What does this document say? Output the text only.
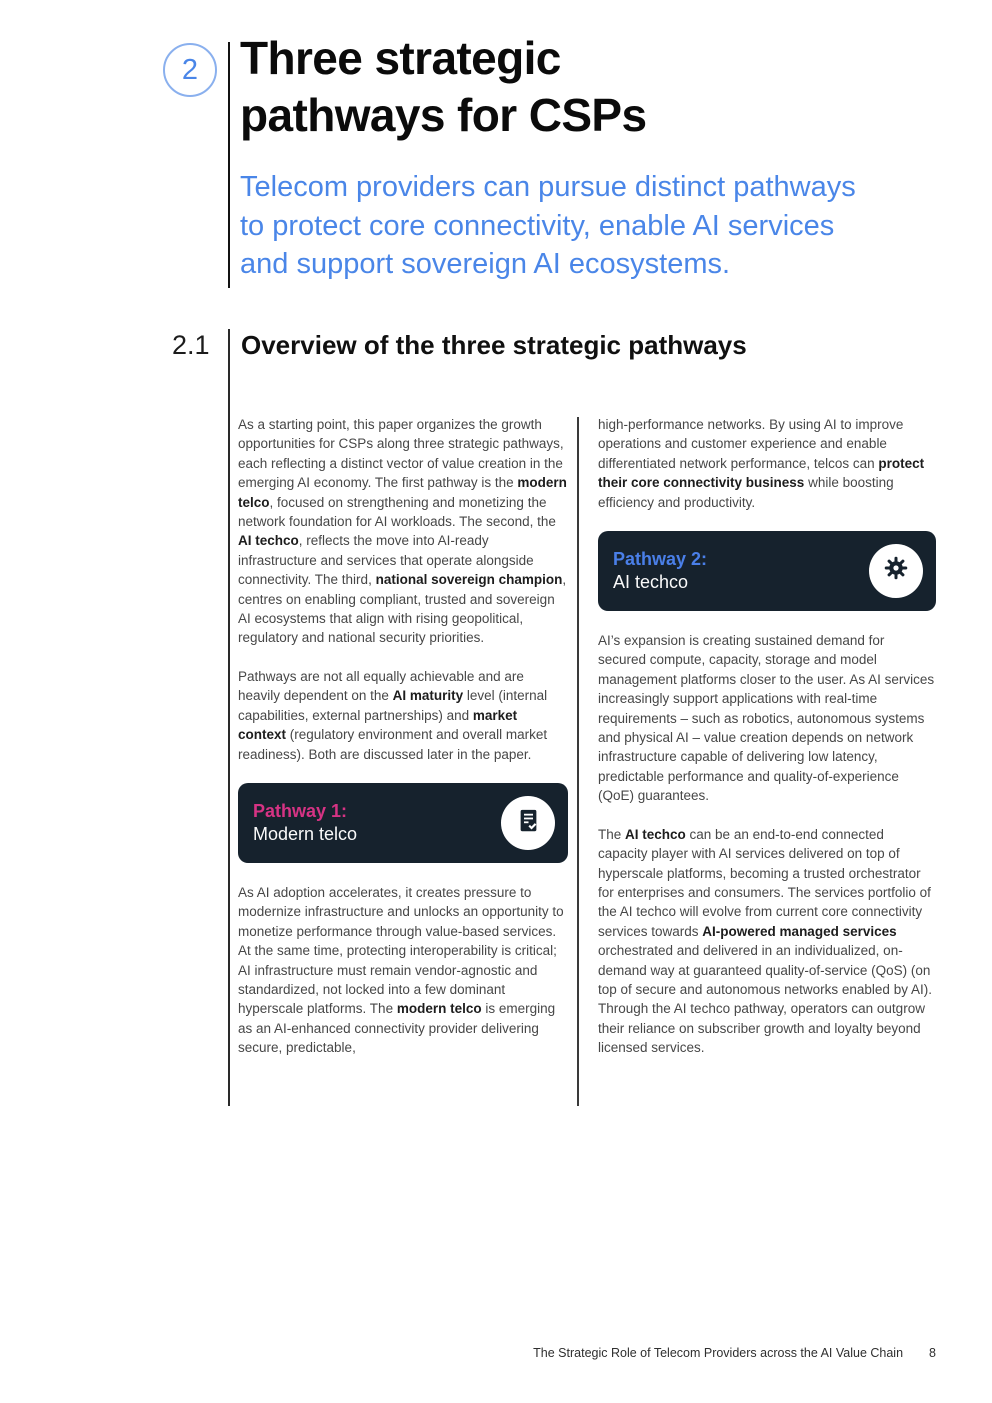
2 Three strategic
pathways for CSPs
Telecom providers can pursue distinct pathways
to protect core connectivity, enable AI services
and support sovereign AI ecosystems.
2.1 Overview of the three strategic pathways

As a starting point, this paper organizes the growth opportunities for CSPs along three strategic pathways, each reflecting a distinct vector of value creation in the emerging AI economy. The first pathway is the modern telco, focused on strengthening and monetizing the network foundation for AI workloads. The second, the AI techco, reflects the move into AI-ready infrastructure and services that operate alongside connectivity. The third, national sovereign champion, centres on enabling compliant, trusted and sovereign AI ecosystems that align with rising geopolitical, regulatory and national security priorities.

Pathways are not all equally achievable and are heavily dependent on the AI maturity level (internal capabilities, external partnerships) and market context (regulatory environment and overall market readiness). Both are discussed later in the paper.

Pathway 1:
Modern telco

As AI adoption accelerates, it creates pressure to modernize infrastructure and unlocks an opportunity to monetize performance through value-based services. At the same time, protecting interoperability is critical; AI infrastructure must remain vendor-agnostic and standardized, not locked into a few dominant hyperscale platforms. The modern telco is emerging as an AI-enhanced connectivity provider delivering secure, predictable,

high-performance networks. By using AI to improve operations and customer experience and enable differentiated network performance, telcos can protect their core connectivity business while boosting efficiency and productivity.

Pathway 2:
AI techco

AI’s expansion is creating sustained demand for secured compute, capacity, storage and model management platforms closer to the user. As AI services increasingly support applications with real-time requirements – such as robotics, autonomous systems and physical AI – value creation depends on network infrastructure capable of delivering low latency, predictable performance and quality-of-experience (QoE) guarantees.

The AI techco can be an end-to-end connected capacity player with AI services delivered on top of hyperscale platforms, becoming a trusted orchestrator for enterprises and consumers. The services portfolio of the AI techco will evolve from current core connectivity services towards AI-powered managed services orchestrated and delivered in an individualized, on-demand way at guaranteed quality-of-service (QoS) (on top of secure and autonomous networks enabled by AI). Through the AI techco pathway, operators can outgrow their reliance on subscriber growth and loyalty beyond licensed services.

The Strategic Role of Telecom Providers across the AI Value Chain 8
